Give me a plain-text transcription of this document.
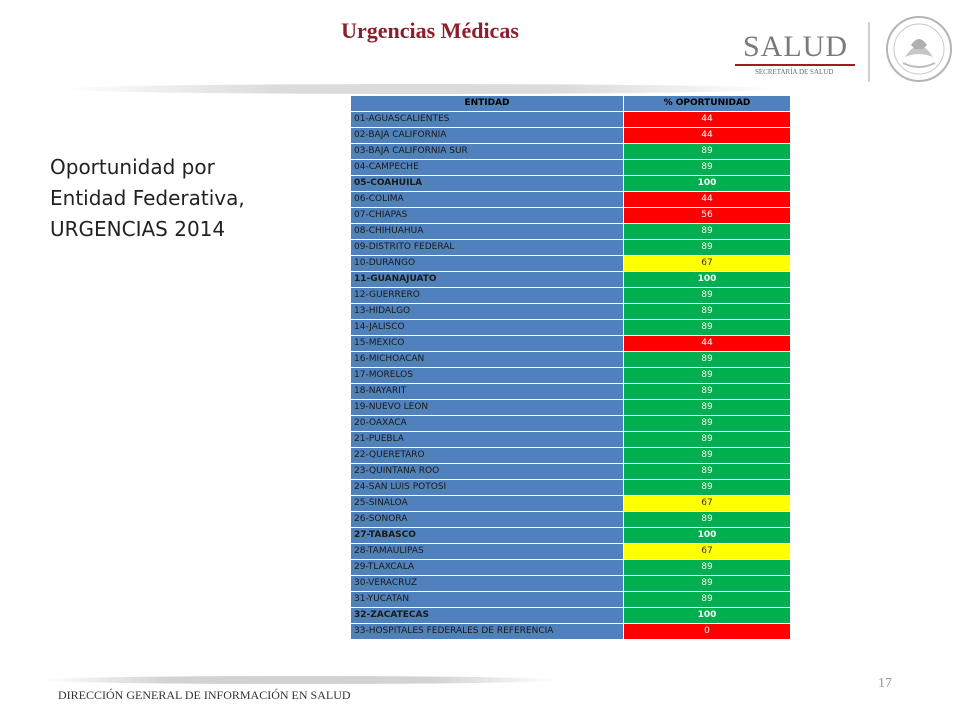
Urgencias Médicas	SALUD
SECRETARÍA DE SALUD
Oportunidad por
Entidad Federativa,
URGENCIAS 2014
ENTIDAD	% OPORTUNIDAD
01-AGUASCALIENTES	44
02-BAJA CALIFORNIA	44
03-BAJA CALIFORNIA SUR	89
04-CAMPECHE	89
05-COAHUILA	100
06-COLIMA	44
07-CHIAPAS	56
08-CHIHUAHUA	89
09-DISTRITO FEDERAL	89
10-DURANGO	67
11-GUANAJUATO	100
12-GUERRERO	89
13-HIDALGO	89
14-JALISCO	89
15-MEXICO	44
16-MICHOACAN	89
17-MORELOS	89
18-NAYARIT	89
19-NUEVO LEON	89
20-OAXACA	89
21-PUEBLA	89
22-QUERETARO	89
23-QUINTANA ROO	89
24-SAN LUIS POTOSI	89
25-SINALOA	67
26-SONORA	89
27-TABASCO	100
28-TAMAULIPAS	67
29-TLAXCALA	89
30-VERACRUZ	89
31-YUCATAN	89
32-ZACATECAS	100
33-HOSPITALES FEDERALES DE REFERENCIA	0
DIRECCIÓN GENERAL DE INFORMACIÓN EN SALUD
17
